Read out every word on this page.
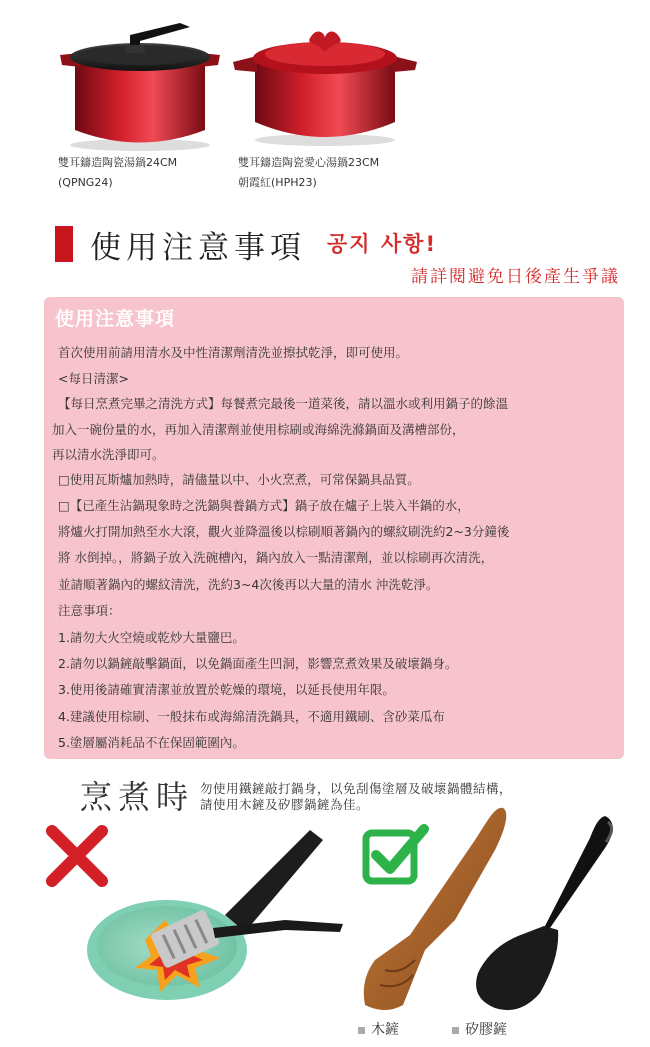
雙耳鑄造陶瓷湯鍋24CM
(QPNG24)
雙耳鑄造陶瓷愛心湯鍋23CM
朝霞紅(HPH23)
使用注意事項 공지 사항!
請詳閱避免日後產生爭議
使用注意事項
首次使用前請用清水及中性清潔劑清洗並擦拭乾淨，即可使用。
<每日清潔>
【每日烹煮完畢之清洗方式】每餐煮完最後一道菜後，請以溫水或利用鍋子的餘溫
加入一碗份量的水，再加入清潔劑並使用棕刷或海綿洗滌鍋面及溝槽部份，
再以清水洗淨即可。
□使用瓦斯爐加熱時，請儘量以中、小火烹煮，可常保鍋具品質。
□【已產生沾鍋現象時之洗鍋與養鍋方式】鍋子放在爐子上裝入半鍋的水，
將爐火打開加熱至水大滾，觀火並降溫後以棕刷順著鍋內的螺紋刷洗約2~3分鐘後
將 水倒掉。，將鍋子放入洗碗槽內，鍋內放入一點清潔劑，並以棕刷再次清洗，
並請順著鍋內的螺紋清洗，洗約3~4次後再以大量的清水 沖洗乾淨。
注意事項：
1.請勿大火空燒或乾炒大量鹽巴。
2.請勿以鍋鏟敲擊鍋面，以免鍋面產生凹洞，影響烹煮效果及破壞鍋身。
3.使用後請確實清潔並放置於乾燥的環境，以延長使用年限。
4.建議使用棕刷、一般抹布或海綿清洗鍋具，不適用鐵刷、含砂菜瓜布
5.塗層屬消耗品不在保固範圍內。
烹煮時 勿使用鐵鏟敲打鍋身，以免刮傷塗層及破壞鍋體結構，
請使用木鏟及矽膠鍋鏟為佳。
木鏟	矽膠鏟
